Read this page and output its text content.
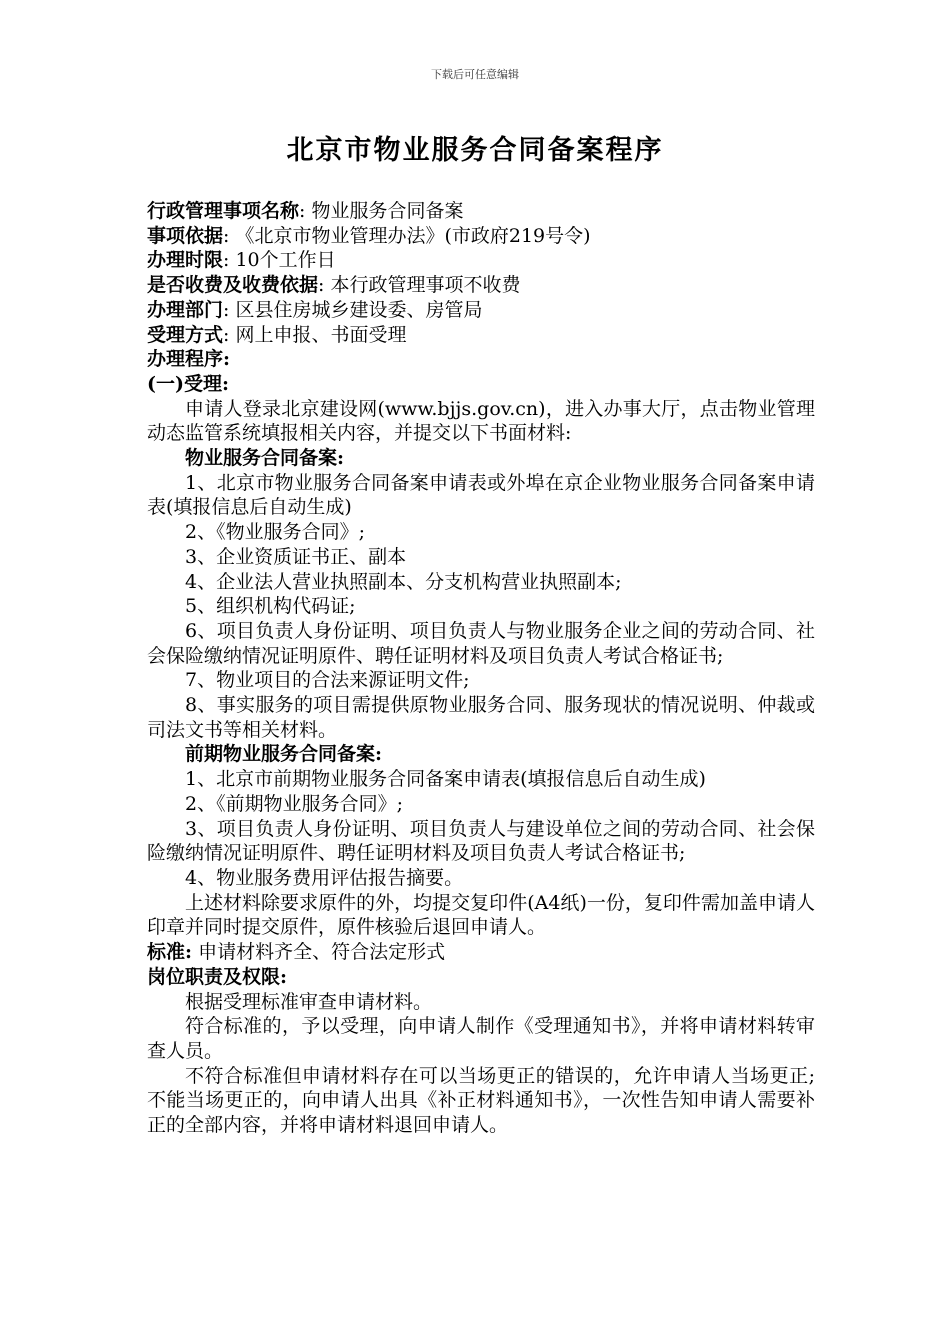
下载后可任意编辑
北京市物业服务合同备案程序
行政管理事项名称: 物业服务合同备案
事项依据: 《北京市物业管理办法》(市政府219号令)
办理时限: 10个工作日
是否收费及收费依据: 本行政管理事项不收费
办理部门: 区县住房城乡建设委、房管局
受理方式: 网上申报、书面受理
办理程序:
(一)受理:
申请人登录北京建设网(www.bjjs.gov.cn)，进入办事大厅，点击物业管理动态监管系统填报相关内容，并提交以下书面材料:
物业服务合同备案:
1、北京市物业服务合同备案申请表或外埠在京企业物业服务合同备案申请表(填报信息后自动生成)
2、《物业服务合同》;
3、企业资质证书正、副本
4、企业法人营业执照副本、分支机构营业执照副本;
5、组织机构代码证;
6、项目负责人身份证明、项目负责人与物业服务企业之间的劳动合同、社会保险缴纳情况证明原件、聘任证明材料及项目负责人考试合格证书;
7、物业项目的合法来源证明文件;
8、事实服务的项目需提供原物业服务合同、服务现状的情况说明、仲裁或司法文书等相关材料。
前期物业服务合同备案:
1、北京市前期物业服务合同备案申请表(填报信息后自动生成)
2、《前期物业服务合同》;
3、项目负责人身份证明、项目负责人与建设单位之间的劳动合同、社会保险缴纳情况证明原件、聘任证明材料及项目负责人考试合格证书;
4、物业服务费用评估报告摘要。
上述材料除要求原件的外，均提交复印件(A4纸)一份，复印件需加盖申请人印章并同时提交原件，原件核验后退回申请人。
标准: 申请材料齐全、符合法定形式
岗位职责及权限:
根据受理标准审查申请材料。
符合标准的，予以受理，向申请人制作《受理通知书》，并将申请材料转审查人员。
不符合标准但申请材料存在可以当场更正的错误的，允许申请人当场更正;不能当场更正的，向申请人出具《补正材料通知书》，一次性告知申请人需要补正的全部内容，并将申请材料退回申请人。
